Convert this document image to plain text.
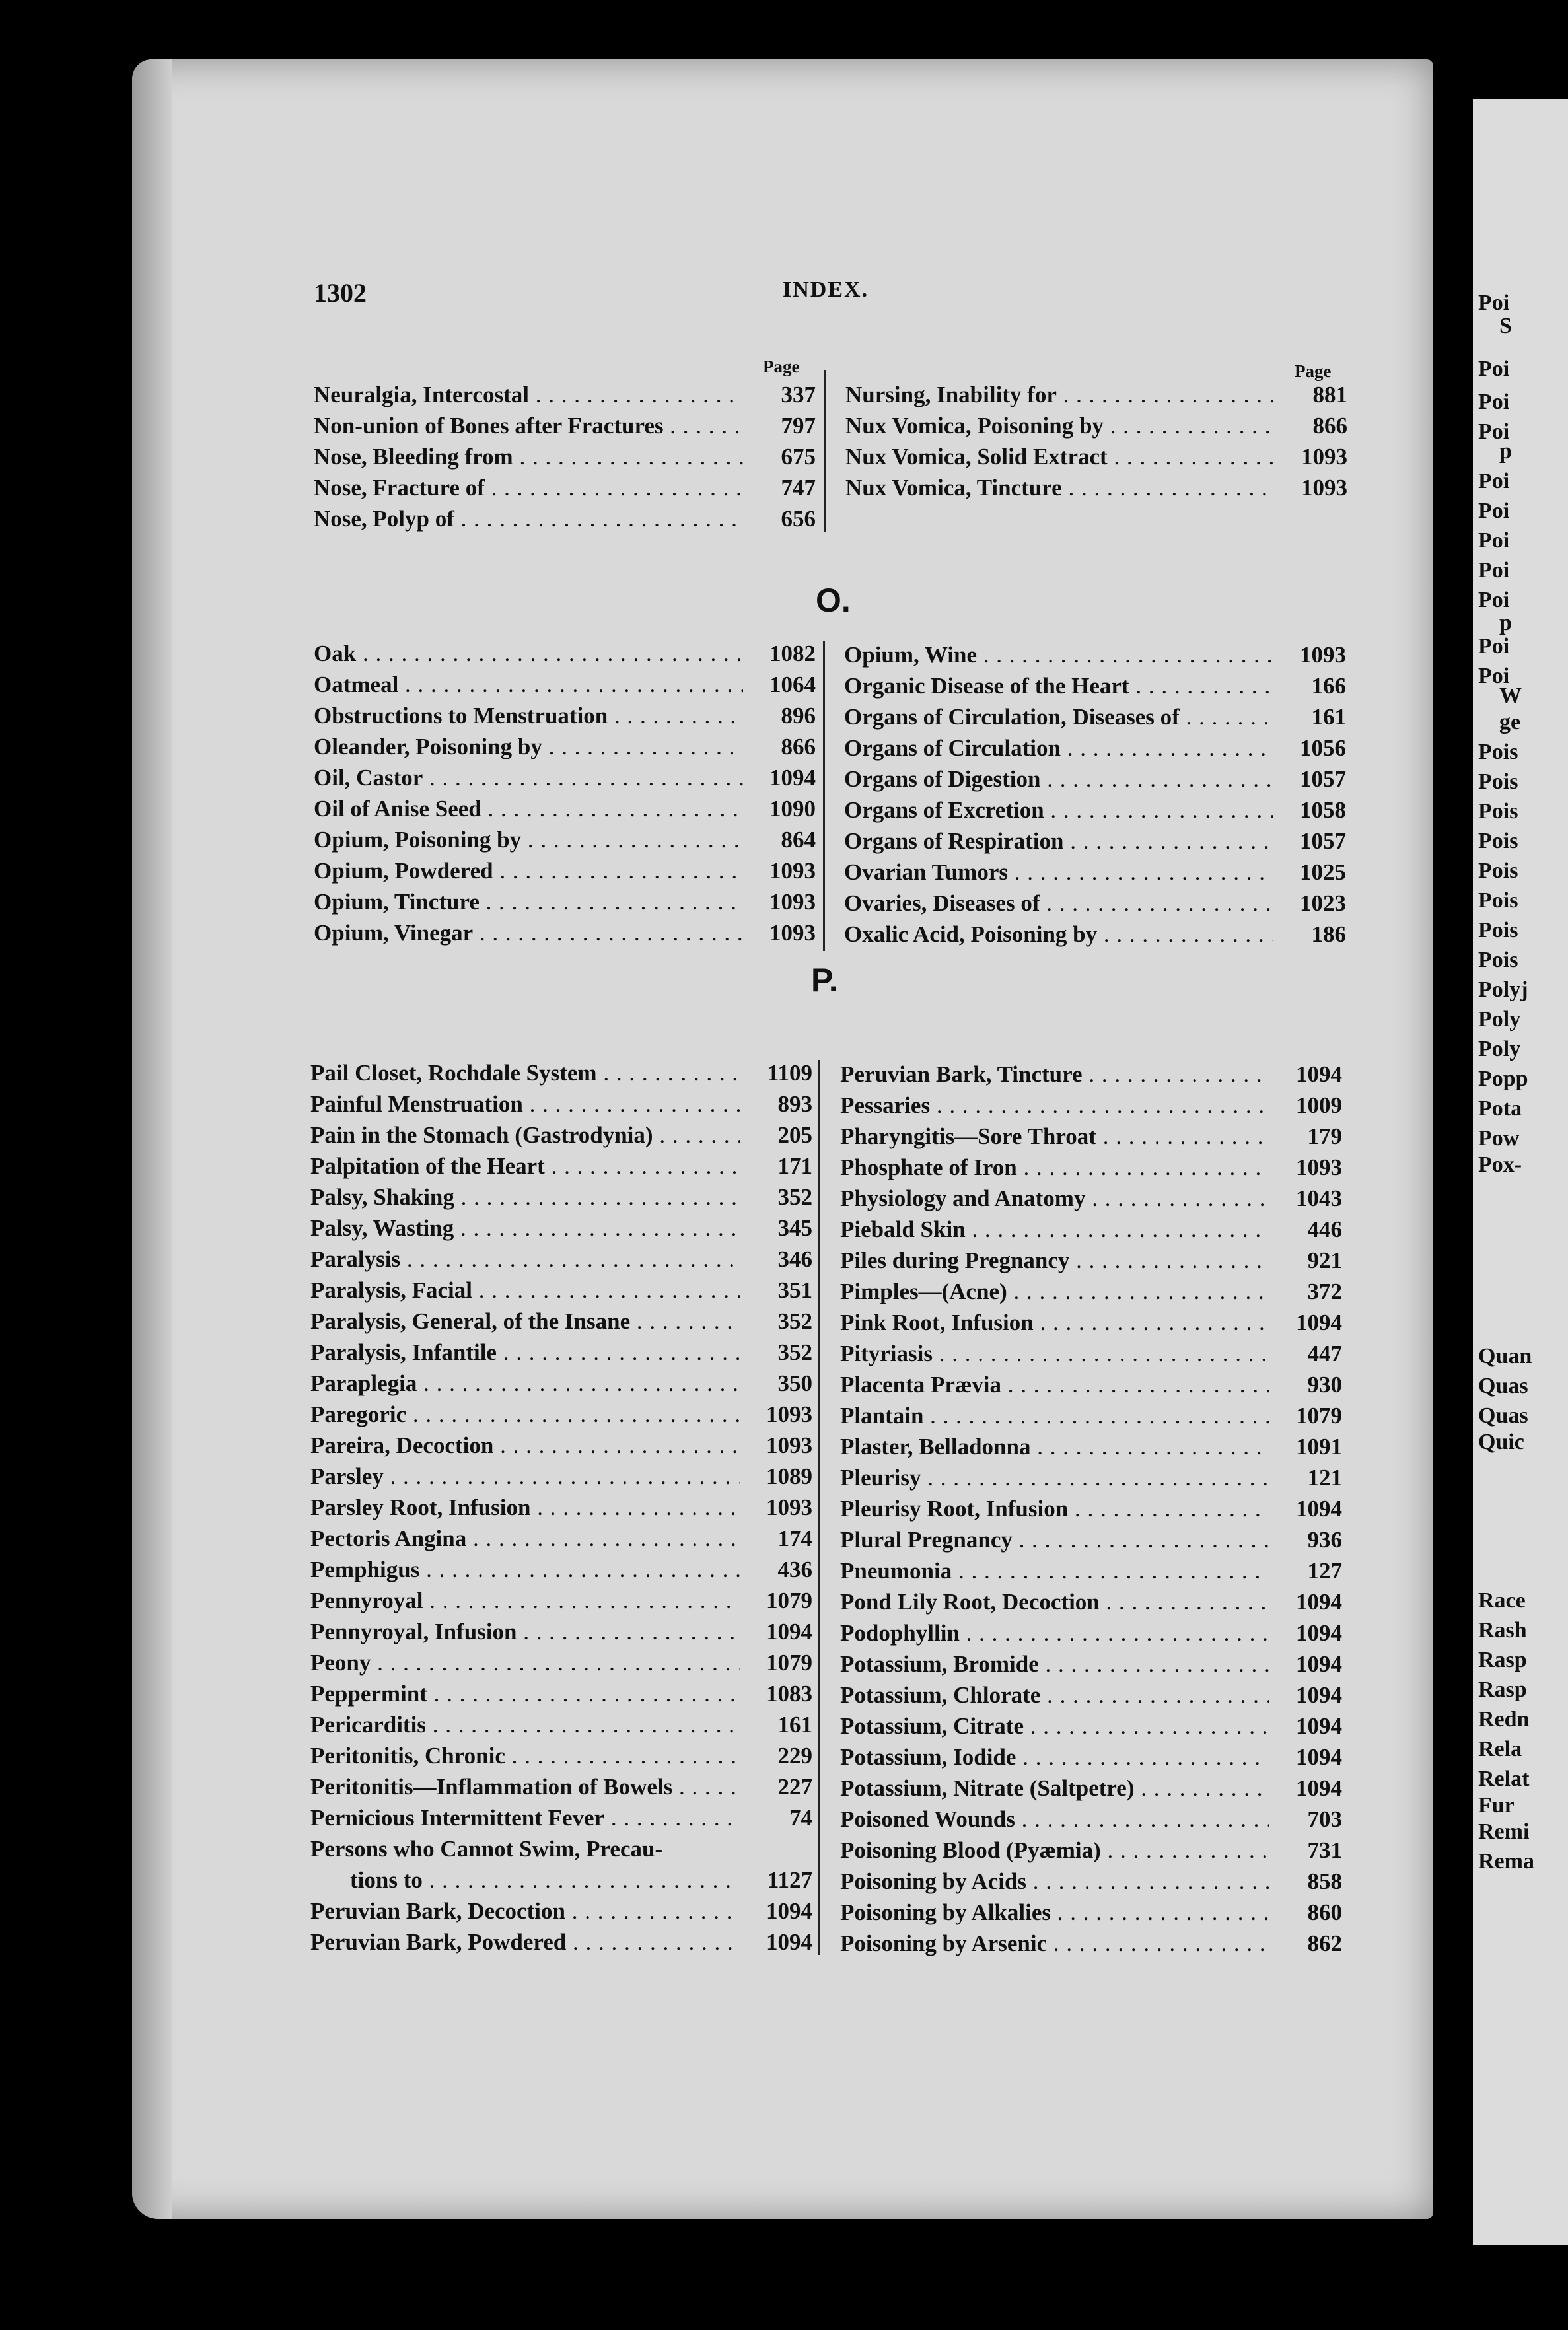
Poi
S
Poi
Poi
Poi
p
Poi
Poi
Poi
Poi
Poi
p
Poi
Poi
W
ge
Pois
Pois
Pois
Pois
Pois
Pois
Pois
Pois
Polyj
Poly
Poly
Popp
Pota
Pow
Pox-
Quan
Quas
Quas
Quic
Race
Rash
Rasp
Rasp
Redn
Rela
Relat
Fur
Remi
Rema
1302	INDEX.
Page	Page
Neuralgia, Intercostal . . .	337
Non-union of Bones after Fractures . . .	797
Nose, Bleeding from . . .	675
Nose, Fracture of . . .	747
Nose, Polyp of . . .	656
Nursing, Inability for . . .	881
Nux Vomica, Poisoning by . . .	866
Nux Vomica, Solid Extract . . .	1093
Nux Vomica, Tincture . . .	1093
O.
Oak . . .	1082
Oatmeal . . .	1064
Obstructions to Menstruation . . .	896
Oleander, Poisoning by . . .	866
Oil, Castor . . .	1094
Oil of Anise Seed . . .	1090
Opium, Poisoning by . . .	864
Opium, Powdered . . .	1093
Opium, Tincture . . .	1093
Opium, Vinegar . . .	1093
Opium, Wine . . .	1093
Organic Disease of the Heart . . .	166
Organs of Circulation, Diseases of . . .	161
Organs of Circulation . . .	1056
Organs of Digestion . . .	1057
Organs of Excretion . . .	1058
Organs of Respiration . . .	1057
Ovarian Tumors . . .	1025
Ovaries, Diseases of . . .	1023
Oxalic Acid, Poisoning by . . .	186
P.
Pail Closet, Rochdale System . . .	1109
Painful Menstruation . . .	893
Pain in the Stomach (Gastrodynia) . . .	205
Palpitation of the Heart . . .	171
Palsy, Shaking . . .	352
Palsy, Wasting . . .	345
Paralysis . . .	346
Paralysis, Facial . . .	351
Paralysis, General, of the Insane . . .	352
Paralysis, Infantile . . .	352
Paraplegia . . .	350
Paregoric . . .	1093
Pareira, Decoction . . .	1093
Parsley . . .	1089
Parsley Root, Infusion . . .	1093
Pectoris Angina . . .	174
Pemphigus . . .	436
Pennyroyal . . .	1079
Pennyroyal, Infusion . . .	1094
Peony . . .	1079
Peppermint . . .	1083
Pericarditis . . .	161
Peritonitis, Chronic . . .	229
Peritonitis—Inflammation of Bowels . . .	227
Pernicious Intermittent Fever . . .	74
Persons who Cannot Swim, Precau-
tions to . . .	1127
Peruvian Bark, Decoction . . .	1094
Peruvian Bark, Powdered . . .	1094
Peruvian Bark, Tincture . . .	1094
Pessaries . . .	1009
Pharyngitis—Sore Throat . . .	179
Phosphate of Iron . . .	1093
Physiology and Anatomy . . .	1043
Piebald Skin . . .	446
Piles during Pregnancy . . .	921
Pimples—(Acne) . . .	372
Pink Root, Infusion . . .	1094
Pityriasis . . .	447
Placenta Prævia . . .	930
Plantain . . .	1079
Plaster, Belladonna . . .	1091
Pleurisy . . .	121
Pleurisy Root, Infusion . . .	1094
Plural Pregnancy . . .	936
Pneumonia . . .	127
Pond Lily Root, Decoction . . .	1094
Podophyllin . . .	1094
Potassium, Bromide . . .	1094
Potassium, Chlorate . . .	1094
Potassium, Citrate . . .	1094
Potassium, Iodide . . .	1094
Potassium, Nitrate (Saltpetre) . . .	1094
Poisoned Wounds . . .	703
Poisoning Blood (Pyæmia) . . .	731
Poisoning by Acids . . .	858
Poisoning by Alkalies . . .	860
Poisoning by Arsenic . . .	862
